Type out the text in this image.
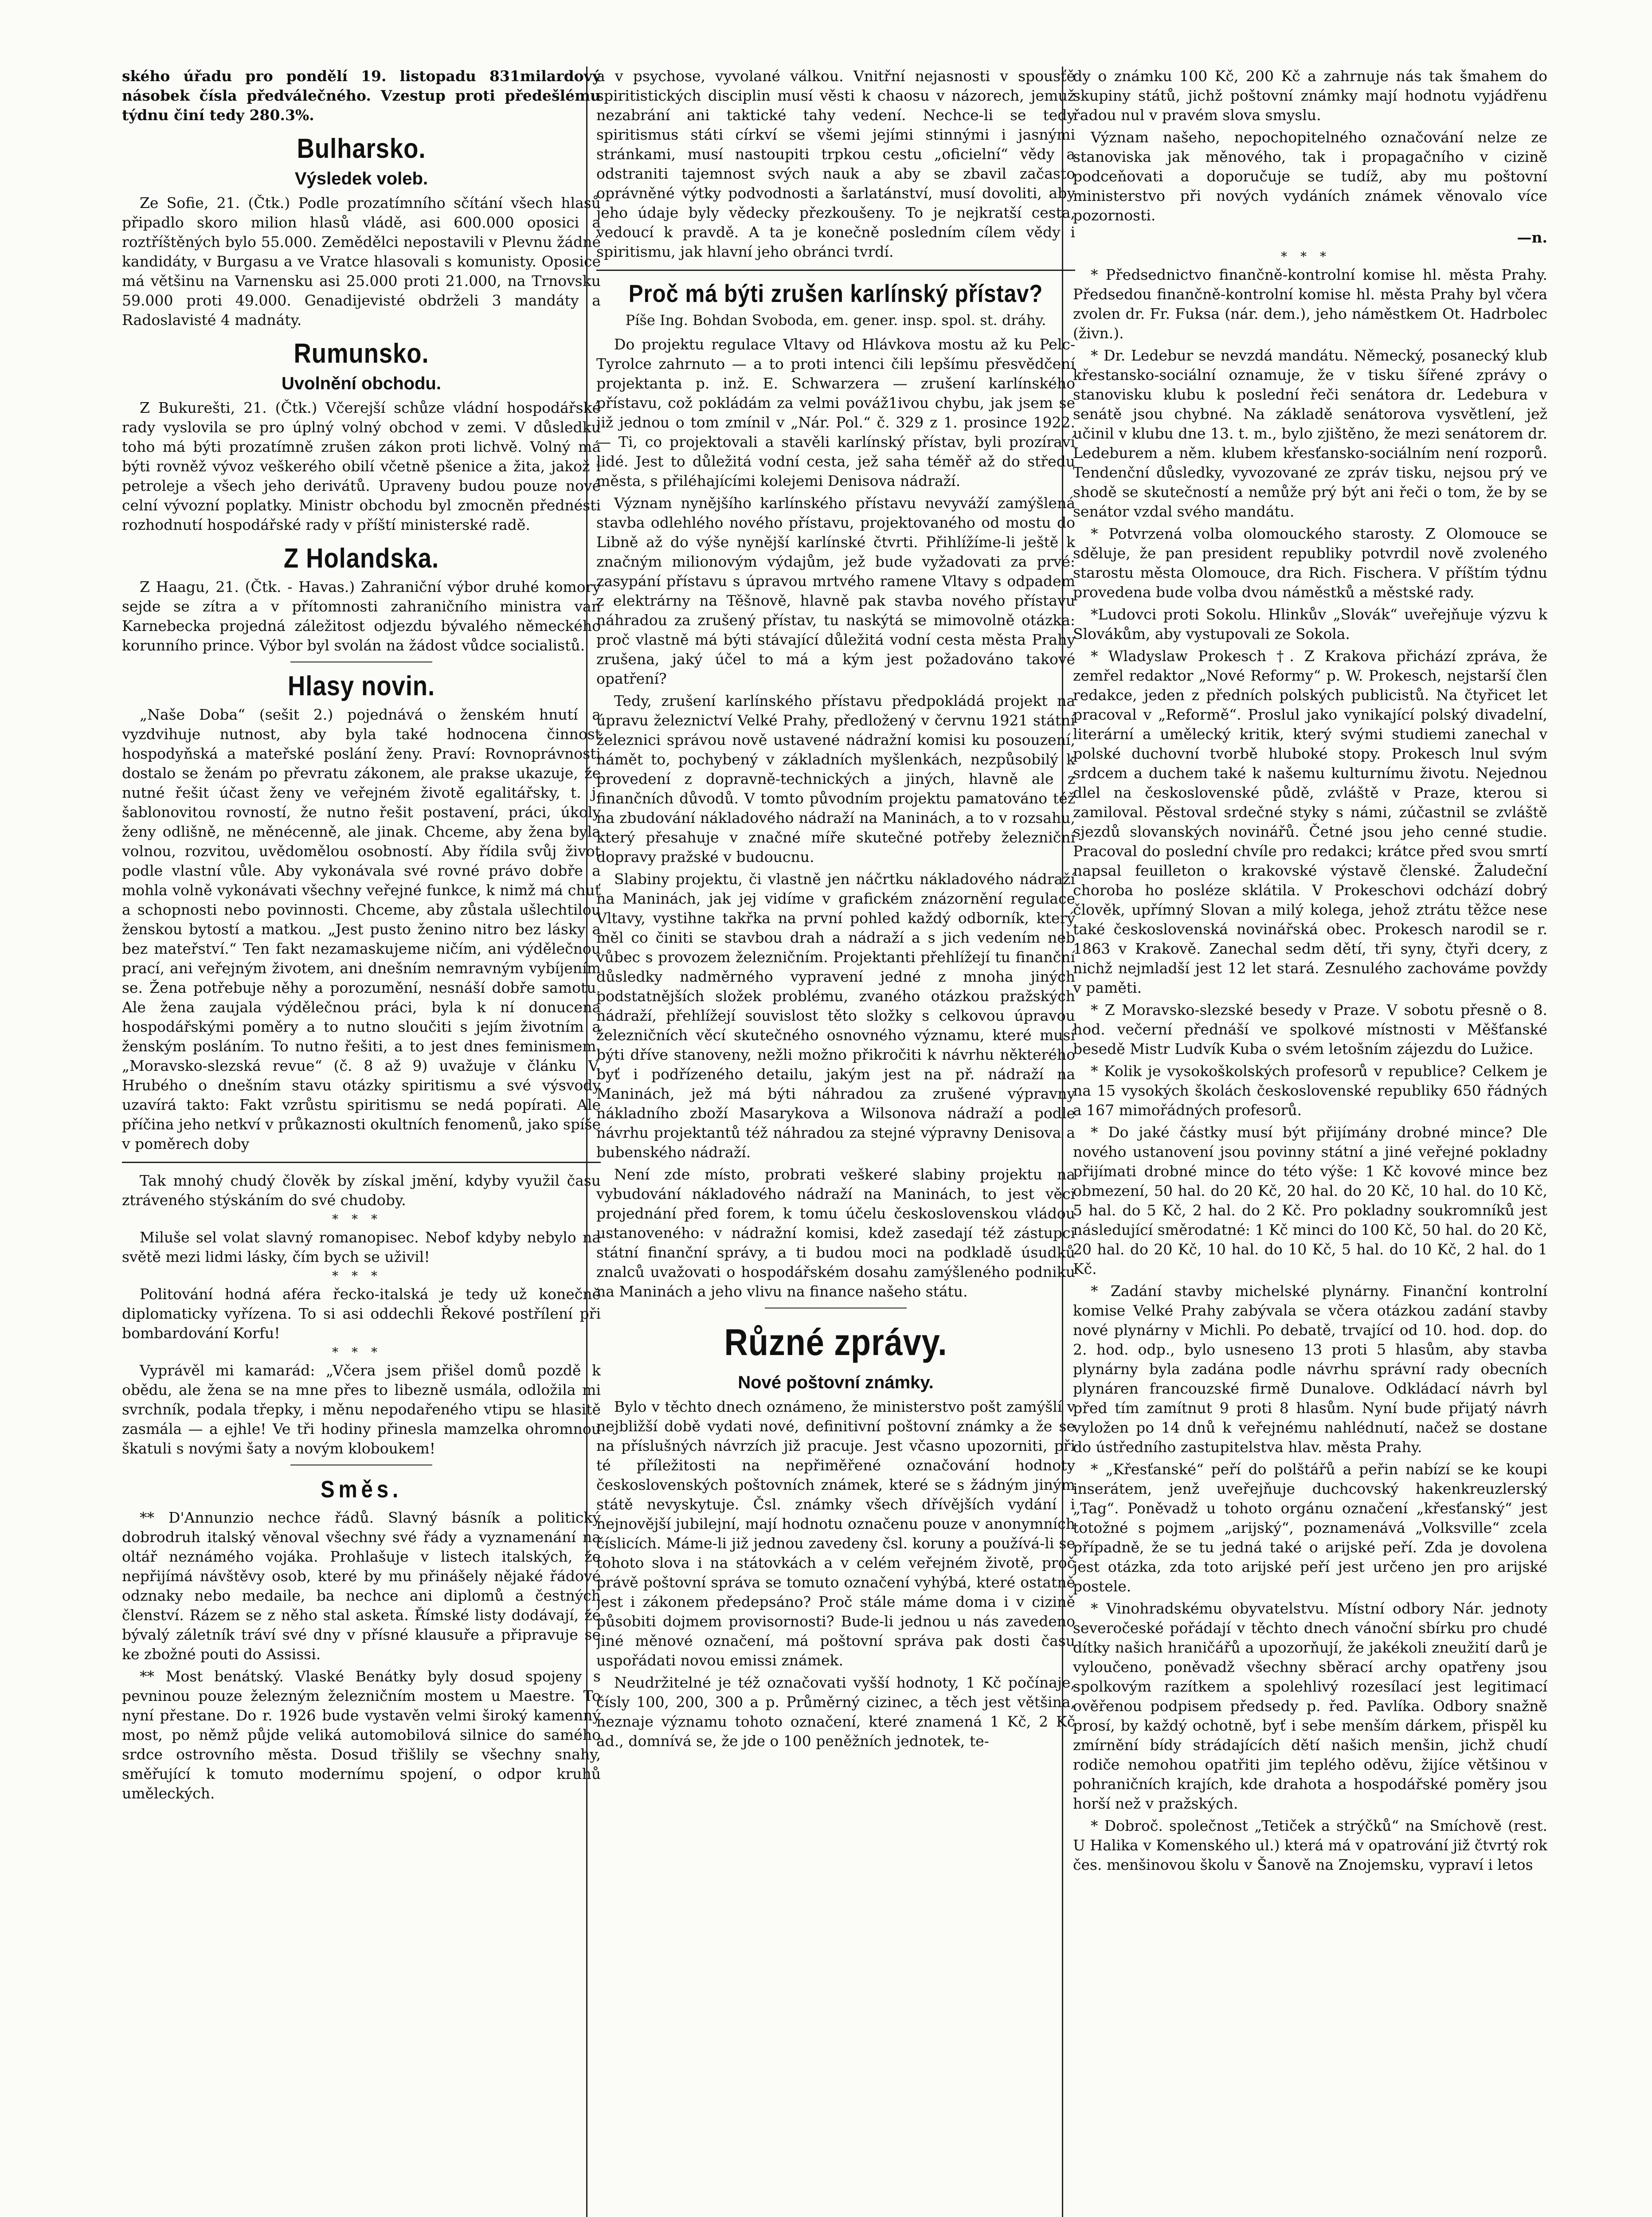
ského úřadu pro pondělí 19. listopadu 831milardový násobek čísla předválečného. Vzestup proti předešlému týdnu činí tedy 280.3%.

Bulharsko.
Výsledek voleb.

Ze Sofie, 21. (Čtk.) Podle prozatímního sčítání všech hlasů připadlo skoro milion hlasů vládě, asi 600.000 oposici a roztříštěných bylo 55.000. Zemědělci nepostavili v Plevnu žádné kandidáty, v Burgasu a ve Vratce hlasovali s komunisty. Oposice má většinu na Varnensku asi 25.000 proti 21.000, na Trnovsku 59.000 proti 49.000. Genadijevisté obdrželi 3 mandáty a Radoslavisté 4 madnáty.

Rumunsko.
Uvolnění obchodu.

Z Bukurešti, 21. (Čtk.) Včerejší schůze vládní hospodářské rady vyslovila se pro úplný volný obchod v zemi. V důsledku toho má býti prozatímně zrušen zákon proti lichvě. Volný má býti rovněž vývoz veškerého obilí včetně pšenice a žita, jakož i petroleje a všech jeho derivátů. Upraveny budou pouze nové celní vývozní poplatky. Ministr obchodu byl zmocněn přednésti rozhodnutí hospodářské rady v příští ministerské radě.

Z Holandska.

Z Haagu, 21. (Čtk. - Havas.) Zahraniční výbor druhé komory sejde se zítra a v přítomnosti zahraničního ministra van Karnebecka projedná záležitost odjezdu bývalého německého korunního prince. Výbor byl svolán na žádost vůdce socialistů.

Hlasy novin.

„Naše Doba“ (sešit 2.) pojednává o ženském hnutí a vyzdvihuje nutnost, aby byla také hodnocena činnost hospodyňská a mateřské poslání ženy. Praví: Rovnoprávnosti dostalo se ženám po převratu zákonem, ale prakse ukazuje, že nutné řešit účast ženy ve veřejném životě egalitářsky, t. j. šablonovitou rovností, že nutno řešit postavení, práci, úkoly ženy odlišně, ne měnécenně, ale jinak. Chceme, aby žena byla volnou, rozvitou, uvědomělou osobností. Aby řídila svůj život podle vlastní vůle. Aby vykonávala své rovné právo dobře a mohla volně vykonávati všechny veřejné funkce, k nimž má chuť a schopnosti nebo povinnosti. Chceme, aby zůstala ušlechtilou ženskou bytostí a matkou. „Jest pusto ženino nitro bez lásky a bez mateřství.“ Ten fakt nezamaskujeme ničím, ani výdělečnou prací, ani veřejným životem, ani dnešním nemravným vybíjením se. Žena potřebuje něhy a porozumění, nesnáší dobře samotu. Ale žena zaujala výdělečnou práci, byla k ní donucena hospodářskými poměry a to nutno sloučiti s jejím životním a ženským posláním. To nutno řešiti, a to jest dnes feminismem. „Moravsko-slezská revue“ (č. 8 až 9) uvažuje v článku V. Hrubého o dnešním stavu otázky spiritismu a své výsvody uzavírá takto: Fakt vzrůstu spiritismu se nedá popírati. Ale příčina jeho netkví v průkaznosti okultních fenomenů, jako spíše v poměrech doby

Tak mnohý chudý člověk by získal jmění, kdyby využil času ztráveného stýskáním do své chudoby.

***

Miluše sel volat slavný romanopisec. Nebof kdyby nebylo na světě mezi lidmi lásky, čím bych se uživil!

***

Politování hodná aféra řecko-italská je tedy už konečně diplomaticky vyřízena. To si asi oddechli Řekové postřílení při bombardování Korfu!

***

Vyprávěl mi kamarád: „Včera jsem přišel domů pozdě k obědu, ale žena se na mne přes to libezně usmála, odložila mi svrchník, podala třepky, i měnu nepodařeného vtipu se hlasitě zasmála — a ejhle! Ve tři hodiny přinesla mamzelka ohromnou škatuli s novými šaty a novým kloboukem!

Směs.

** D'Annunzio nechce řádů. Slavný básník a politický dobrodruh italský věnoval všechny své řády a vyznamenání na oltář neznámého vojáka. Prohlašuje v listech italských, že nepřijímá návštěvy osob, které by mu přinášely nějaké řádové odznaky nebo medaile, ba nechce ani diplomů a čestných členství. Rázem se z něho stal asketa. Římské listy dodávají, že bývalý záletník tráví své dny v přísné klausuře a připravuje se ke zbožné pouti do Assissi.

** Most benátský. Vlaské Benátky byly dosud spojeny s pevninou pouze železným železničním mostem u Maestre. To nyní přestane. Do r. 1926 bude vystavěn velmi široký kamenný most, po němž půjde veliká automobilová silnice do samého srdce ostrovního města. Dosud třišlily se všechny snahy, směřující k tomuto modernímu spojení, o odpor kruhů uměleckých.

a v psychose, vyvolané válkou. Vnitřní nejasnosti v spousťě spiritistických disciplin musí věsti k chaosu v názorech, jemuž nezabrání ani taktické tahy vedení. Nechce-li se tedy spiritismus státi církví se všemi jejími stinnými i jasnými stránkami, musí nastoupiti trpkou cestu „oficielní“ vědy a odstraniti tajemnost svých nauk a aby se zbavil začasto oprávněné výtky podvodnosti a šarlatánství, musí dovoliti, aby jeho údaje byly vědecky přezkoušeny. To je nejkratší cesta, vedoucí k pravdě. A ta je konečně posledním cílem vědy i spiritismu, jak hlavní jeho obránci tvrdí.

Proč má býti zrušen karlínský přístav?
Píše Ing. Bohdan Svoboda, em. gener. insp. spol. st. dráhy.

Do projektu regulace Vltavy od Hlávkova mostu až ku Pelc-Tyrolce zahrnuto — a to proti intenci čili lepšímu přesvědčení projektanta p. inž. E. Schwarzera — zrušení karlínského přístavu, což pokládám za velmi pováž1ivou chybu, jak jsem se již jednou o tom zmínil v „Nár. Pol.“ č. 329 z 1. prosince 1922. — Ti, co projektovali a stavěli karlínský přístav, byli prozíraví lidé. Jest to důležitá vodní cesta, jež saha téměř až do středu města, s přiléhajícími kolejemi Denisova nádraží.

Význam nynějšího karlínského přístavu nevyváží zamýšlená stavba odlehlého nového přístavu, projektovaného od mostu do Libně až do výše nynější karlínské čtvrti. Přihlížíme-li ještě k značným milionovým výdajům, jež bude vyžadovati za prvé: zasypání přístavu s úpravou mrtvého ramene Vltavy s odpadem z elektrárny na Těšnově, hlavně pak stavba nového přístavu náhradou za zrušený přístav, tu naskýtá se mimovolně otázka: proč vlastně má býti stávající důležitá vodní cesta města Prahy zrušena, jaký účel to má a kým jest požadováno takové opatření?

Tedy, zrušení karlínského přístavu předpokládá projekt na úpravu železnictví Velké Prahy, předložený v červnu 1921 státní železnici správou nově ustavené nádražní komisi ku posouzení, námět to, pochybený v základních myšlenkách, nezpůsobilý k provedení z dopravně-technických a jiných, hlavně ale z finančních důvodů. V tomto původním projektu pamatováno též na zbudování nákladového nádraží na Maninách, a to v rozsahu, který přesahuje v značné míře skutečné potřeby železniční dopravy pražské v budoucnu.

Slabiny projektu, či vlastně jen náčrtku nákladového nádraží na Maninách, jak jej vidíme v grafickém znázornění regulace Vltavy, vystihne takřka na první pohled každý odborník, který měl co činiti se stavbou drah a nádraží a s jich vedením neb vůbec s provozem železničním. Projektanti přehlížejí tu finanční důsledky nadměrného vypravení jedné z mnoha jiných podstatnějších složek problému, zvaného otázkou pražských nádraží, přehlížejí souvislost těto složky s celkovou úpravou železničních věcí skutečného osnovného významu, které musí býti dříve stanoveny, nežli možno přikročiti k návrhu některého byť i podřízeného detailu, jakým jest na př. nádraží na Maninách, jež má býti náhradou za zrušené výpravny nákladního zboží Masarykova a Wilsonova nádraží a podle návrhu projektantů též náhradou za stejné výpravny Denisova a bubenského nádraží.

Není zde místo, probrati veškeré slabiny projektu na vybudování nákladového nádraží na Maninách, to jest věci projednání před forem, k tomu účelu československou vládou ustanoveného: v nádražní komisi, kdež zasedají též zástupci státní finanční správy, a ti budou moci na podkladě úsudků znalců uvažovati o hospodářském dosahu zamýšleného podniku na Maninách a jeho vlivu na finance našeho státu.

Různé zprávy.
Nové poštovní známky.

Bylo v těchto dnech oznámeno, že ministerstvo pošt zamýšlí v nejbližší době vydati nové, definitivní poštovní známky a že se na příslušných návrzích již pracuje. Jest včasno upozorniti, při té příležitosti na nepřiměřené označování hodnoty československých poštovních známek, které se s žádným jiným státě nevyskytuje. Čsl. známky všech dřívějších vydání i nejnovější jubilejní, mají hodnotu označenu pouze v anonymních číslicích. Máme-li již jednou zavedeny čsl. koruny a používá-li se tohoto slova i na státovkách a v celém veřejném životě, proč právě poštovní správa se tomuto označení vyhýbá, které ostatně jest i zákonem předepsáno? Proč stále máme doma i v cizině působiti dojmem provisornosti? Bude-li jednou u nás zavedeno jiné měnové označení, má poštovní správa pak dosti času uspořádati novou emissi známek.

Neudržitelné je též označovati vyšší hodnoty, 1 Kč počínaje, čísly 100, 200, 300 a p. Průměrný cizinec, a těch jest většina, neznaje významu tohoto označení, které znamená 1 Kč, 2 Kč ad., domnívá se, že jde o 100 peněžních jednotek, te-

dy o známku 100 Kč, 200 Kč a zahrnuje nás tak šmahem do skupiny států, jichž poštovní známky mají hodnotu vyjádřenu řadou nul v pravém slova smyslu.

Význam našeho, nepochopitelného označování nelze ze stanoviska jak měnového, tak i propagačního v cizině podceňovati a doporučuje se tudíž, aby mu poštovní ministerstvo při nových vydáních známek věnovalo více pozornosti.

—n.

***

* Předsednictvo finančně-kontrolní komise hl. města Prahy. Předsedou finančně-kontrolní komise hl. města Prahy byl včera zvolen dr. Fr. Fuksa (nár. dem.), jeho náměstkem Ot. Hadrbolec (živn.).

* Dr. Ledebur se nevzdá mandátu. Německý, posanecký klub křestansko-sociální oznamuje, že v tisku šířené zprávy o stanovisku klubu k poslední řeči senátora dr. Ledebura v senátě jsou chybné. Na základě senátorova vysvětlení, jež učinil v klubu dne 13. t. m., bylo zjištěno, že mezi senátorem dr. Ledeburem a něm. klubem křesťansko-sociálním není rozporů. Tendenční důsledky, vyvozované ze zpráv tisku, nejsou prý ve shodě se skutečností a nemůže prý být ani řeči o tom, že by se senátor vzdal svého mandátu.

* Potvrzená volba olomouckého starosty. Z Olomouce se sděluje, že pan president republiky potvrdil nově zvoleného starostu města Olomouce, dra Rich. Fischera. V příštím týdnu provedena bude volba dvou náměstků a městské rady.

*Ludovci proti Sokolu. Hlinkův „Slovák“ uveřejňuje výzvu k Slovákům, aby vystupovali ze Sokola.

* Wladyslaw Prokesch †. Z Krakova přichází zpráva, že zemřel redaktor „Nové Reformy“ p. W. Prokesch, nejstarší člen redakce, jeden z předních polských publicistů. Na čtyřicet let pracoval v „Reformě“. Proslul jako vynikající polský divadelní, literární a umělecký kritik, který svými studiemi zanechal v polské duchovní tvorbě hluboké stopy. Prokesch lnul svým srdcem a duchem také k našemu kulturnímu životu. Nejednou dlel na československé půdě, zvláště v Praze, kterou si zamiloval. Pěstoval srdečné styky s námi, zúčastnil se zvláště sjezdů slovanských novinářů. Četné jsou jeho cenné studie. Pracoval do poslední chvíle pro redakci; krátce před svou smrtí napsal feuilleton o krakovské výstavě členské. Žaludeční choroba ho posléze sklátila. V Prokeschovi odchází dobrý člověk, upřímný Slovan a milý kolega, jehož ztrátu těžce nese také československá novinářská obec. Prokesch narodil se r. 1863 v Krakově. Zanechal sedm dětí, tři syny, čtyři dcery, z nichž nejmladší jest 12 let stará. Zesnulého zachováme povždy v paměti.

* Z Moravsko-slezské besedy v Praze. V sobotu přesně o 8. hod. večerní přednáší ve spolkové místnosti v Měšťanské besedě Mistr Ludvík Kuba o svém letošním zájezdu do Lužice.

* Kolik je vysokoškolských profesorů v republice? Celkem je na 15 vysokých školách československé republiky 650 řádných a 167 mimořádných profesorů.

* Do jaké částky musí být přijímány drobné mince? Dle nového ustanovení jsou povinny státní a jiné veřejné pokladny přijímati drobné mince do této výše: 1 Kč kovové mince bez obmezení, 50 hal. do 20 Kč, 20 hal. do 20 Kč, 10 hal. do 10 Kč, 5 hal. do 5 Kč, 2 hal. do 2 Kč. Pro pokladny soukromníků jest následující směrodatné: 1 Kč minci do 100 Kč, 50 hal. do 20 Kč, 20 hal. do 20 Kč, 10 hal. do 10 Kč, 5 hal. do 10 Kč, 2 hal. do 1 Kč.

* Zadání stavby michelské plynárny. Finanční kontrolní komise Velké Prahy zabývala se včera otázkou zadání stavby nové plynárny v Michli. Po debatě, trvající od 10. hod. dop. do 2. hod. odp., bylo usneseno 13 proti 5 hlasům, aby stavba plynárny byla zadána podle návrhu správní rady obecních plynáren francouzské firmě Dunalove. Odkládací návrh byl před tím zamítnut 9 proti 8 hlasům. Nyní bude přijatý návrh vyložen po 14 dnů k veřejnému nahlédnutí, načež se dostane do ústředního zastupitelstva hlav. města Prahy.

* „Křesťanské“ peří do polštářů a peřin nabízí se ke koupi inserátem, jenž uveřejňuje duchcovský hakenkreuzlerský „Tag“. Poněvadž u tohoto orgánu označení „křesťanský“ jest totožné s pojmem „arijský“, poznamenává „Volksville“ zcela případně, že se tu jedná také o arijské peří. Zda je dovolena jest otázka, zda toto arijské peří jest určeno jen pro arijské postele.

* Vinohradskému obyvatelstvu. Místní odbory Nár. jednoty severočeské pořádají v těchto dnech vánoční sbírku pro chudé dítky našich hraničářů a upozorňují, že jakékoli zneužití darů je vyloučeno, poněvadž všechny sběrací archy opatřeny jsou spolkovým razítkem a spolehlivý rozesílací jest legitimací ověřenou podpisem předsedy p. řed. Pavlíka. Odbory snažně prosí, by každý ochotně, byť i sebe menším dárkem, přispěl ku zmírnění bídy strádajících dětí našich menšin, jichž chudí rodiče nemohou opatřiti jim teplého oděvu, žijíce většinou v pohraničních krajích, kde drahota a hospodářské poměry jsou horší než v pražských.

* Dobroč. společnost „Tetiček a strýčků“ na Smíchově (rest. U Halika v Komenského ul.) která má v opatrování již čtvrtý rok čes. menšinovou školu v Šanově na Znojemsku, vypraví i letos
